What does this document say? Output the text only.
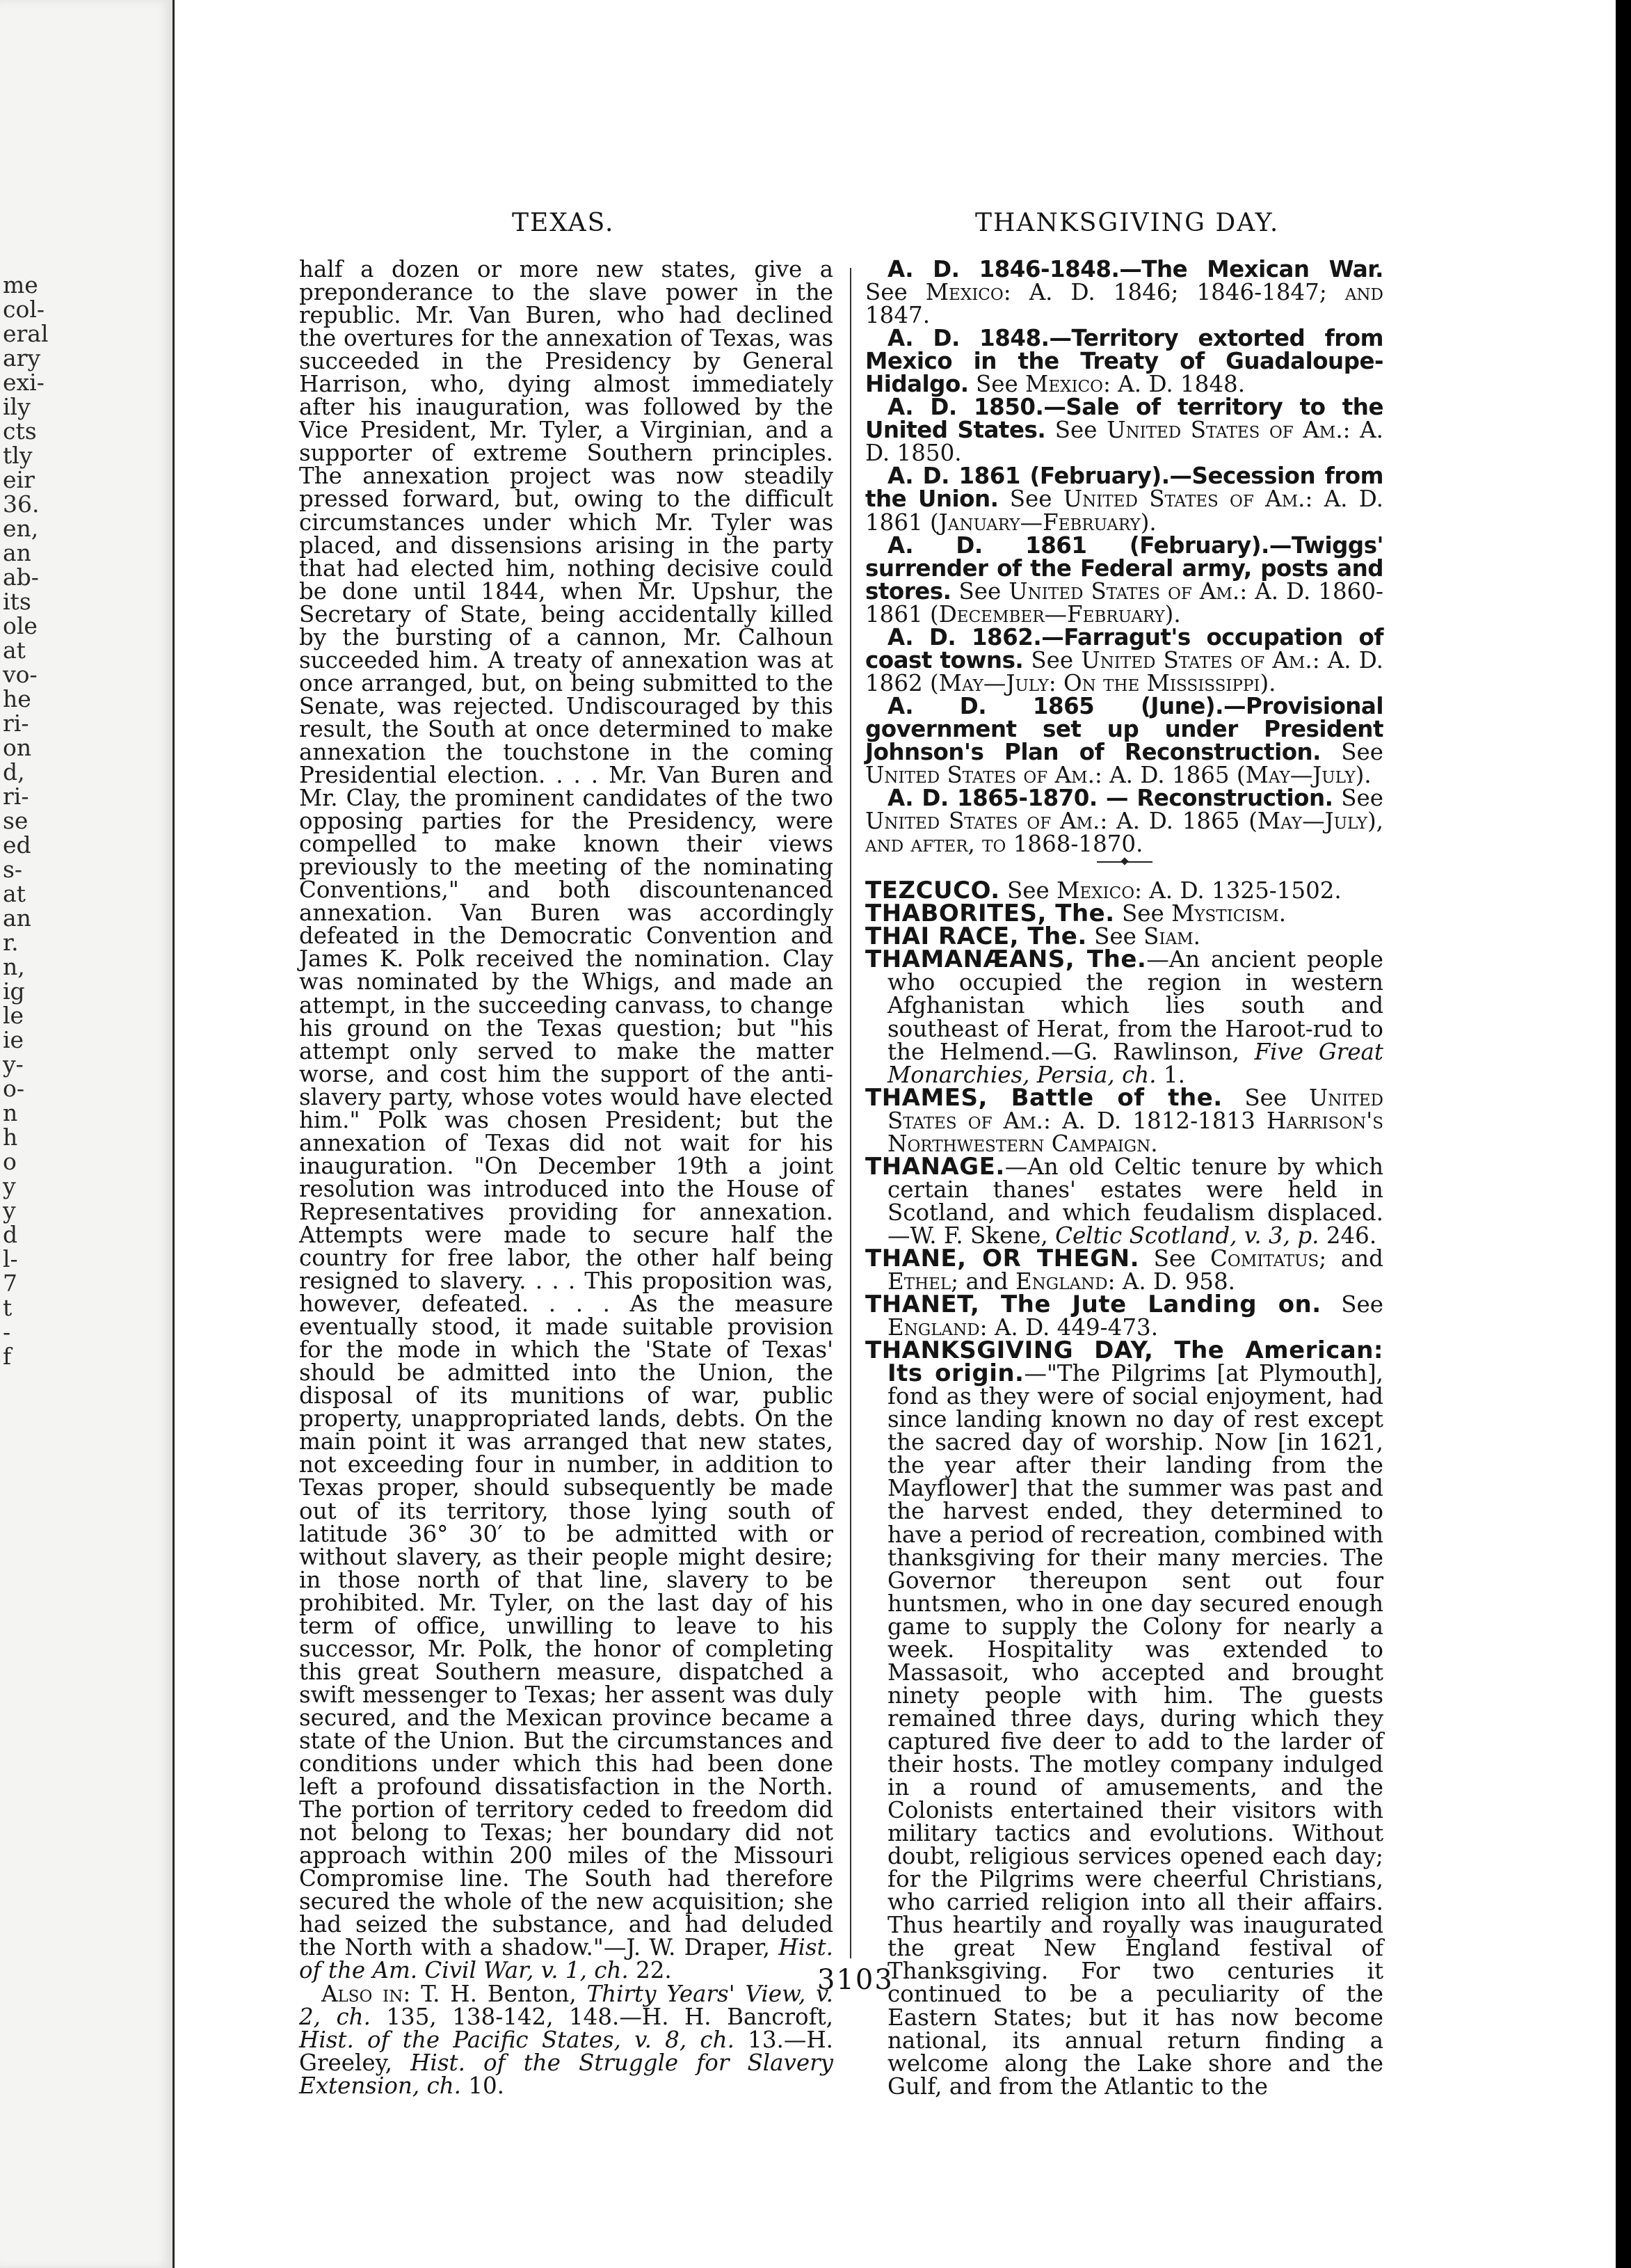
me
col-
eral
ary
exi-
ily
cts
tly
eir
36.
en,
an
ab-
its
ole
at
vo-
he
ri-
on
d,
ri-
se
ed
s-
at
an
r.
n,
ig
le
ie
y-
o-
n
h
o
y
y
d
l-
7
t
-
f
TEXAS.	THANKSGIVING DAY.

half a dozen or more new states, give a preponderance to the slave power in the republic. Mr. Van Buren, who had declined the overtures for the annexation of Texas, was succeeded in the Presidency by General Harrison, who, dying almost immediately after his inauguration, was followed by the Vice President, Mr. Tyler, a Virginian, and a supporter of extreme Southern principles. The annexation project was now steadily pressed forward, but, owing to the difficult circumstances under which Mr. Tyler was placed, and dissensions arising in the party that had elected him, nothing decisive could be done until 1844, when Mr. Upshur, the Secretary of State, being accidentally killed by the bursting of a cannon, Mr. Calhoun succeeded him. A treaty of annexation was at once arranged, but, on being submitted to the Senate, was rejected. Undiscouraged by this result, the South at once determined to make annexation the touchstone in the coming Presidential election. . . . Mr. Van Buren and Mr. Clay, the prominent candidates of the two opposing parties for the Presidency, were compelled to make known their views previously to the meeting of the nominating Conventions," and both discountenanced annexation. Van Buren was accordingly defeated in the Democratic Convention and James K. Polk received the nomination. Clay was nominated by the Whigs, and made an attempt, in the succeeding canvass, to change his ground on the Texas question; but "his attempt only served to make the matter worse, and cost him the support of the anti-slavery party, whose votes would have elected him." Polk was chosen President; but the annexation of Texas did not wait for his inauguration. "On December 19th a joint resolution was introduced into the House of Representatives providing for annexation. Attempts were made to secure half the country for free labor, the other half being resigned to slavery. . . . This proposition was, however, defeated. . . . As the measure eventually stood, it made suitable provision for the mode in which the 'State of Texas' should be admitted into the Union, the disposal of its munitions of war, public property, unappropriated lands, debts. On the main point it was arranged that new states, not exceeding four in number, in addition to Texas proper, should subsequently be made out of its territory, those lying south of latitude 36° 30′ to be admitted with or without slavery, as their people might desire; in those north of that line, slavery to be prohibited. Mr. Tyler, on the last day of his term of office, unwilling to leave to his successor, Mr. Polk, the honor of completing this great Southern measure, dispatched a swift messenger to Texas; her assent was duly secured, and the Mexican province became a state of the Union. But the circumstances and conditions under which this had been done left a profound dissatisfaction in the North. The portion of territory ceded to freedom did not belong to Texas; her boundary did not approach within 200 miles of the Missouri Compromise line. The South had therefore secured the whole of the new acquisition; she had seized the substance, and had deluded the North with a shadow."—J. W. Draper, Hist. of the Am. Civil War, v. 1, ch. 22.

Also in: T. H. Benton, Thirty Years' View, v. 2, ch. 135, 138-142, 148.—H. H. Bancroft, Hist. of the Pacific States, v. 8, ch. 13.—H. Greeley, Hist. of the Struggle for Slavery Extension, ch. 10.

A. D. 1846-1848.—The Mexican War. See Mexico: A. D. 1846; 1846-1847; and 1847.

A. D. 1848.—Territory extorted from Mexico in the Treaty of Guadaloupe-Hidalgo. See Mexico: A. D. 1848.

A. D. 1850.—Sale of territory to the United States. See United States of Am.: A. D. 1850.

A. D. 1861 (February).—Secession from the Union. See United States of Am.: A. D. 1861 (January—February).

A. D. 1861 (February).—Twiggs' surrender of the Federal army, posts and stores. See United States of Am.: A. D. 1860-1861 (December—February).

A. D. 1862.—Farragut's occupation of coast towns. See United States of Am.: A. D. 1862 (May—July: On the Mississippi).

A. D. 1865 (June).—Provisional government set up under President Johnson's Plan of Reconstruction. See United States of Am.: A. D. 1865 (May—July).

A. D. 1865-1870. — Reconstruction. See United States of Am.: A. D. 1865 (May—July), and after, to 1868-1870.

TEZCUCO. See Mexico: A. D. 1325-1502.

THABORITES, The. See Mysticism.

THAI RACE, The. See Siam.

THAMANÆANS, The.—An ancient people who occupied the region in western Afghanistan which lies south and southeast of Herat, from the Haroot-rud to the Helmend.—G. Rawlinson, Five Great Monarchies, Persia, ch. 1.

THAMES, Battle of the. See United States of Am.: A. D. 1812-1813 Harrison's Northwestern Campaign.

THANAGE.—An old Celtic tenure by which certain thanes' estates were held in Scotland, and which feudalism displaced.—W. F. Skene, Celtic Scotland, v. 3, p. 246.

THANE, OR THEGN. See Comitatus; and Ethel; and England: A. D. 958.

THANET, The Jute Landing on. See England: A. D. 449-473.

THANKSGIVING DAY, The American: Its origin.—"The Pilgrims [at Plymouth], fond as they were of social enjoyment, had since landing known no day of rest except the sacred day of worship. Now [in 1621, the year after their landing from the Mayflower] that the summer was past and the harvest ended, they determined to have a period of recreation, combined with thanksgiving for their many mercies. The Governor thereupon sent out four huntsmen, who in one day secured enough game to supply the Colony for nearly a week. Hospitality was extended to Massasoit, who accepted and brought ninety people with him. The guests remained three days, during which they captured five deer to add to the larder of their hosts. The motley company indulged in a round of amusements, and the Colonists entertained their visitors with military tactics and evolutions. Without doubt, religious services opened each day; for the Pilgrims were cheerful Christians, who carried religion into all their affairs. Thus heartily and royally was inaugurated the great New England festival of Thanksgiving. For two centuries it continued to be a peculiarity of the Eastern States; but it has now become national, its annual return finding a welcome along the Lake shore and the Gulf, and from the Atlantic to the

3103
